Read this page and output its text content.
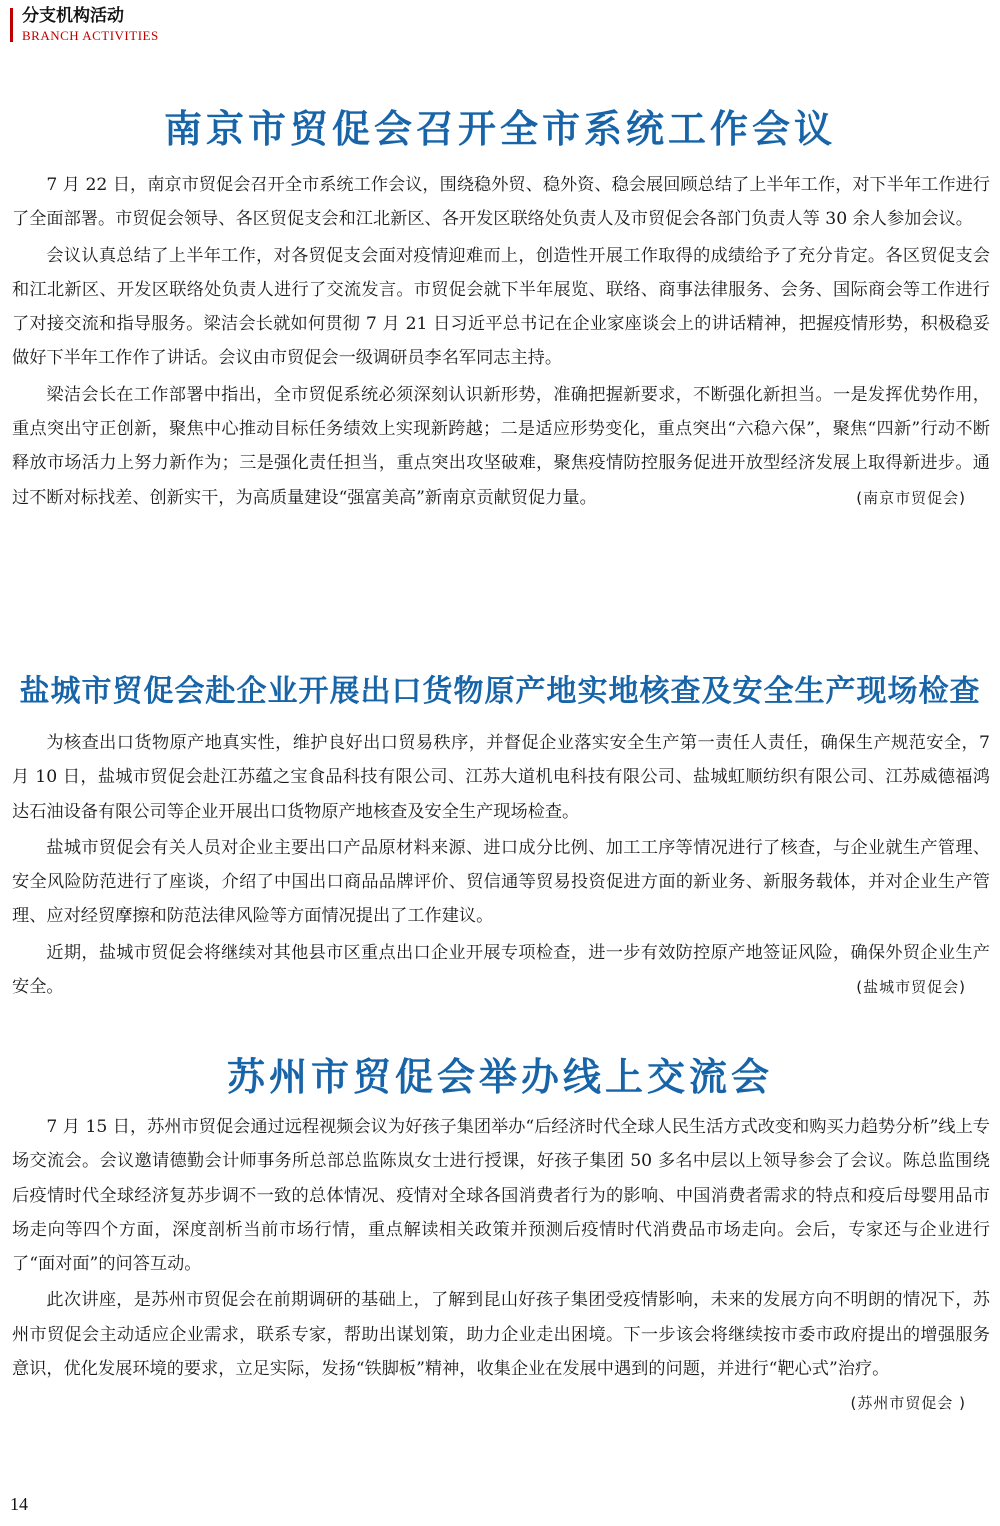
分支机构活动
BRANCH ACTIVITIES
南京市贸促会召开全市系统工作会议

7 月 22 日，南京市贸促会召开全市系统工作会议，围绕稳外贸、稳外资、稳会展回顾总结了上半年工作，对下半年工作进行了全面部署。市贸促会领导、各区贸促支会和江北新区、各开发区联络处负责人及市贸促会各部门负责人等 30 余人参加会议。

会议认真总结了上半年工作，对各贸促支会面对疫情迎难而上，创造性开展工作取得的成绩给予了充分肯定。各区贸促支会和江北新区、开发区联络处负责人进行了交流发言。市贸促会就下半年展览、联络、商事法律服务、会务、国际商会等工作进行了对接交流和指导服务。梁洁会长就如何贯彻 7 月 21 日习近平总书记在企业家座谈会上的讲话精神，把握疫情形势，积极稳妥做好下半年工作作了讲话。会议由市贸促会一级调研员李名军同志主持。

梁洁会长在工作部署中指出，全市贸促系统必须深刻认识新形势，准确把握新要求，不断强化新担当。一是发挥优势作用，重点突出守正创新，聚焦中心推动目标任务绩效上实现新跨越；二是适应形势变化，重点突出“六稳六保”，聚焦“四新”行动不断释放市场活力上努力新作为；三是强化责任担当，重点突出攻坚破难，聚焦疫情防控服务促进开放型经济发展上取得新进步。通过不断对标找差、创新实干，为高质量建设“强富美高”新南京贡献贸促力量。	(南京市贸促会)

盐城市贸促会赴企业开展出口货物原产地实地核查及安全生产现场检查

为核查出口货物原产地真实性，维护良好出口贸易秩序，并督促企业落实安全生产第一责任人责任，确保生产规范安全，7 月 10 日，盐城市贸促会赴江苏蕴之宝食品科技有限公司、江苏大道机电科技有限公司、盐城虹顺纺织有限公司、江苏威德福鸿达石油设备有限公司等企业开展出口货物原产地核查及安全生产现场检查。

盐城市贸促会有关人员对企业主要出口产品原材料来源、进口成分比例、加工工序等情况进行了核查，与企业就生产管理、安全风险防范进行了座谈，介绍了中国出口商品品牌评价、贸信通等贸易投资促进方面的新业务、新服务载体，并对企业生产管理、应对经贸摩擦和防范法律风险等方面情况提出了工作建议。

近期，盐城市贸促会将继续对其他县市区重点出口企业开展专项检查，进一步有效防控原产地签证风险，确保外贸企业生产安全。	(盐城市贸促会)

苏州市贸促会举办线上交流会

7 月 15 日，苏州市贸促会通过远程视频会议为好孩子集团举办“后经济时代全球人民生活方式改变和购买力趋势分析”线上专场交流会。会议邀请德勤会计师事务所总部总监陈岚女士进行授课，好孩子集团 50 多名中层以上领导参会了会议。陈总监围绕后疫情时代全球经济复苏步调不一致的总体情况、疫情对全球各国消费者行为的影响、中国消费者需求的特点和疫后母婴用品市场走向等四个方面，深度剖析当前市场行情，重点解读相关政策并预测后疫情时代消费品市场走向。会后，专家还与企业进行了“面对面”的问答互动。

此次讲座，是苏州市贸促会在前期调研的基础上，了解到昆山好孩子集团受疫情影响，未来的发展方向不明朗的情况下，苏州市贸促会主动适应企业需求，联系专家，帮助出谋划策，助力企业走出困境。下一步该会将继续按市委市政府提出的增强服务意识，优化发展环境的要求，立足实际，发扬“铁脚板”精神，收集企业在发展中遇到的问题，并进行“靶心式”治疗。
(苏州市贸促会 )

14
